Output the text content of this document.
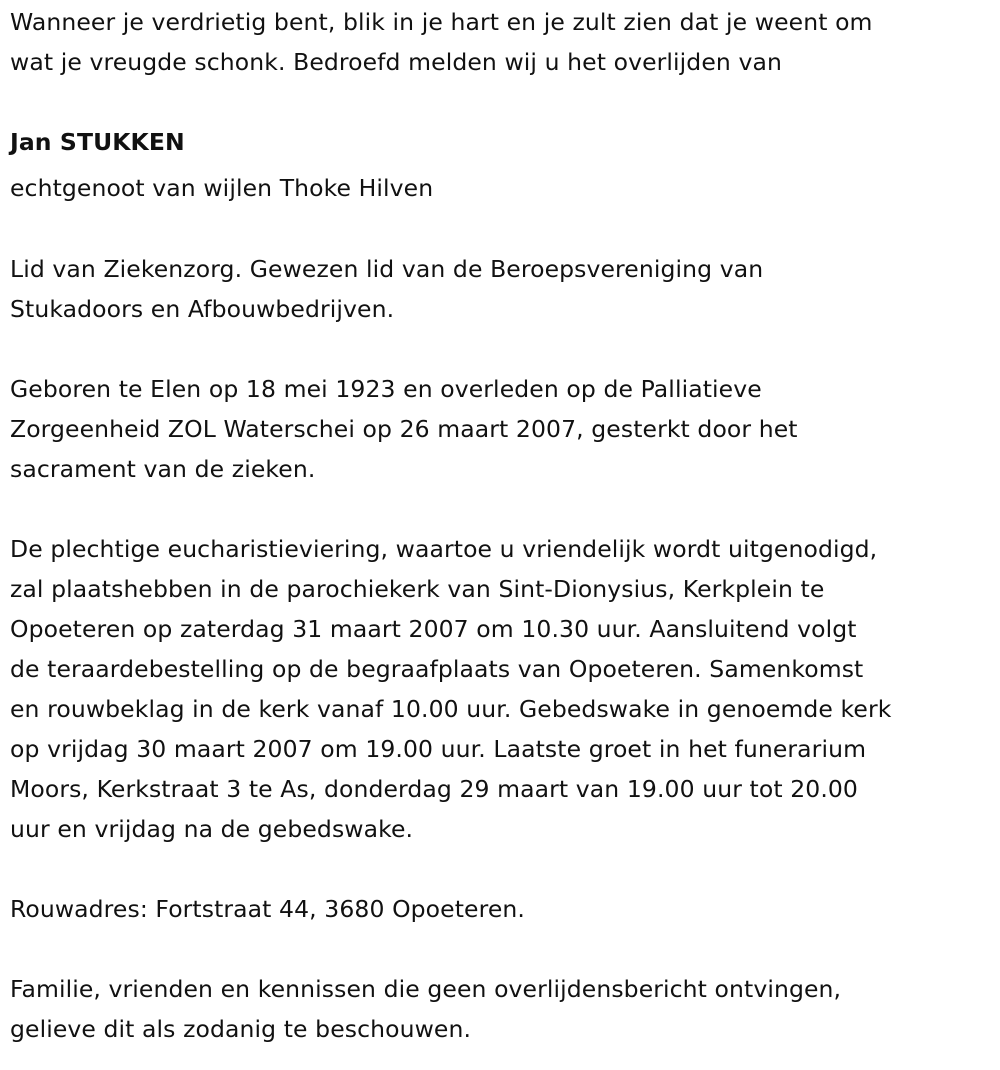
Wanneer je verdrietig bent, blik in je hart en je zult zien dat je weent om
wat je vreugde schonk. Bedroefd melden wij u het overlijden van
Jan STUKKEN
echtgenoot van wijlen Thoke Hilven
Lid van Ziekenzorg. Gewezen lid van de Beroepsvereniging van
Stukadoors en Afbouwbedrijven.
Geboren te Elen op 18 mei 1923 en overleden op de Palliatieve
Zorgeenheid ZOL Waterschei op 26 maart 2007, gesterkt door het
sacrament van de zieken.
De plechtige eucharistieviering, waartoe u vriendelijk wordt uitgenodigd,
zal plaatshebben in de parochiekerk van Sint-Dionysius, Kerkplein te
Opoeteren op zaterdag 31 maart 2007 om 10.30 uur. Aansluitend volgt
de teraardebestelling op de begraafplaats van Opoeteren. Samenkomst
en rouwbeklag in de kerk vanaf 10.00 uur. Gebedswake in genoemde kerk
op vrijdag 30 maart 2007 om 19.00 uur. Laatste groet in het funerarium
Moors, Kerkstraat 3 te As, donderdag 29 maart van 19.00 uur tot 20.00
uur en vrijdag na de gebedswake.
Rouwadres: Fortstraat 44, 3680 Opoeteren.
Familie, vrienden en kennissen die geen overlijdensbericht ontvingen,
gelieve dit als zodanig te beschouwen.
